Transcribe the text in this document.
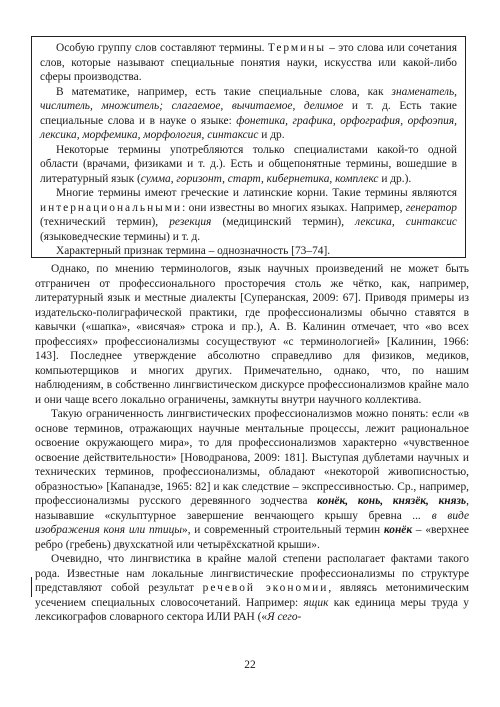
Особую группу слов составляют термины. Термины – это слова или сочетания слов, которые называют специальные понятия науки, искусства или какой-либо сферы производства.

В математике, например, есть такие специальные слова, как знаменатель, числитель, множитель; слагаемое, вычитаемое, делимое и т. д. Есть такие специальные слова и в науке о языке: фонетика, графика, орфография, орфоэпия, лексика, морфемика, морфология, синтаксис и др.

Некоторые термины употребляются только специалистами какой-то одной области (врачами, физиками и т. д.). Есть и общепонятные термины, вошедшие в литературный язык (сумма, горизонт, старт, кибернетика, комплекс и др.).

Многие термины имеют греческие и латинские корни. Такие термины являются интернациональными: они известны во многих языках. Например, генератор (технический термин), резекция (медицинский термин), лексика, синтаксис (языковедческие термины) и т. д.

Характерный признак термина – однозначность [73–74].

Однако, по мнению терминологов, язык научных произведений не может быть отграничен от профессионального просторечия столь же чётко, как, например, литературный язык и местные диалекты [Суперанская, 2009: 67]. Приводя примеры из издательско-полиграфической практики, где профессионализмы обычно ставятся в кавычки («шапка», «висячая» строка и пр.), А. В. Калинин отмечает, что «во всех профессиях» профессионализмы сосуществуют «с терминологией» [Калинин, 1966: 143]. Последнее утверждение абсолютно справедливо для физиков, медиков, компьютерщиков и многих других. Примечательно, однако, что, по нашим наблюдениям, в собственно лингвистическом дискурсе профессионализмов крайне мало и они чаще всего локально ограничены, замкнуты внутри научного коллектива.

Такую ограниченность лингвистических профессионализмов можно понять: если «в основе терминов, отражающих научные ментальные процессы, лежит рациональное освоение окружающего мира», то для профессионализмов характерно «чувственное освоение действительности» [Новодранова, 2009: 181]. Выступая дублетами научных и технических терминов, профессионализмы, обладают «некоторой живописностью, образностью» [Капанадзе, 1965: 82] и как следствие – экспрессивностью. Ср., например, профессионализмы русского деревянного зодчества конёк, конь, князёк, князь, называвшие «скульптурное завершение венчающего крышу бревна ... в виде изображения коня или птицы», и современный строительный термин конёк – «верхнее ребро (гребень) двухскатной или четырёхскатной крыши».

Очевидно, что лингвистика в крайне малой степени располагает фактами такого рода. Известные нам локальные лингвистические профессионализмы по структуре представляют собой результат речевой экономии, являясь метонимическим усечением специальных словосочетаний. Например: ящик как единица меры труда у лексикографов словарного сектора ИЛИ РАН («Я сего-

22
